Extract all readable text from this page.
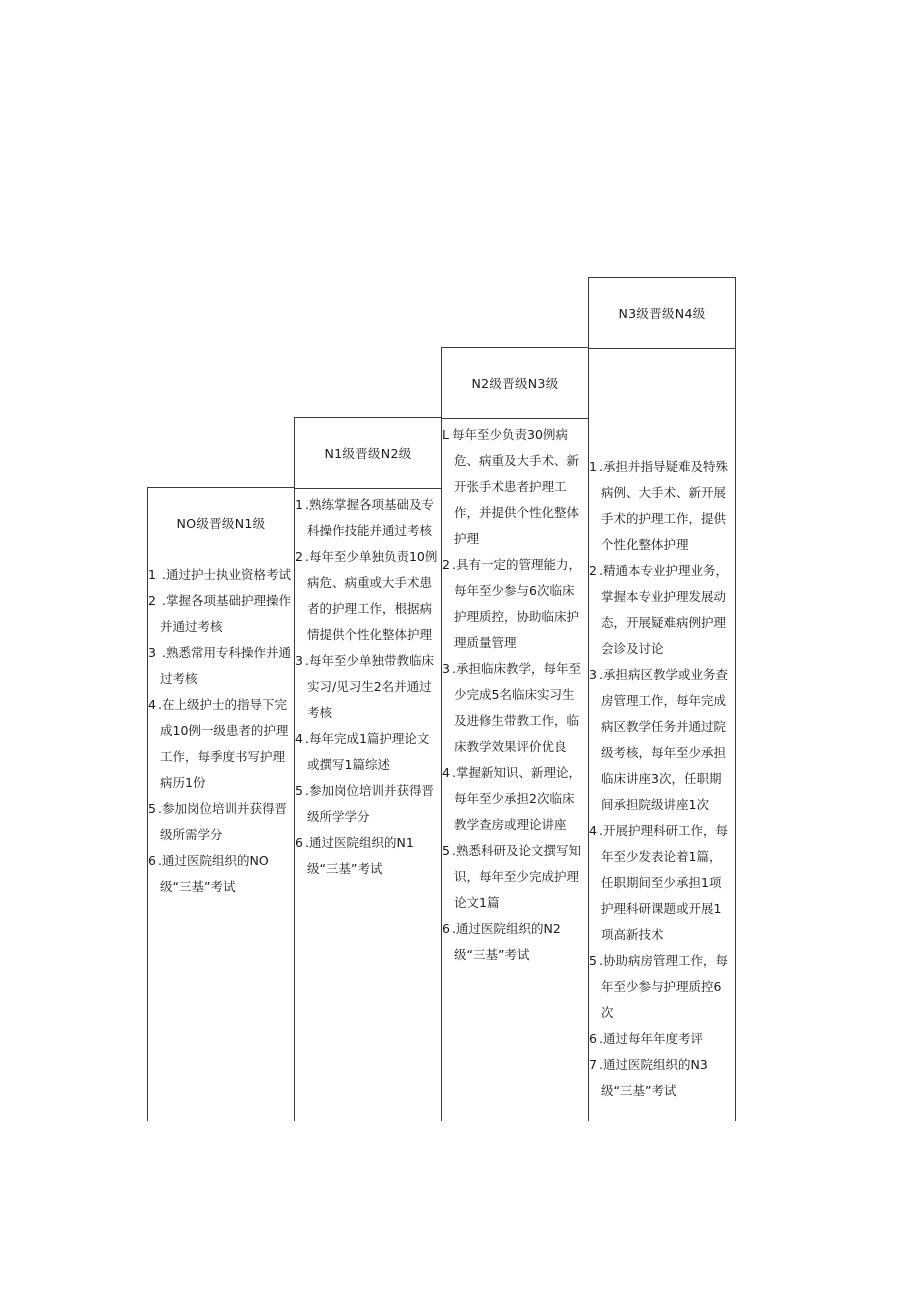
NO级晋级N1级
1 .通过护士执业资格考试
2 .掌握各项基础护理操作并通过考核
3 .熟悉常用专科操作并通过考核
4 .在上级护士的指导下完成10例一级患者的护理工作，每季度书写护理病历1份
5 .参加岗位培训并获得晋级所需学分
6 .通过医院组织的NO级“三基”考试
N1级晋级N2级
1 .熟练掌握各项基础及专科操作技能并通过考核
2 .每年至少单独负责10例病危、病重或大手术患者的护理工作，根据病情提供个性化整体护理
3 .每年至少单独带教临床实习/见习生2名并通过考核
4 .每年完成1篇护理论文或撰写1篇综述
5 .参加岗位培训并获得晋级所学学分
6 .通过医院组织的N1级“三基”考试
N2级晋级N3级
L 每年至少负责30例病危、病重及大手术、新开张手术患者护理工作，并提供个性化整体护理
2 .具有一定的管理能力，每年至少参与6次临床护理质控，协助临床护理质量管理
3 .承担临床教学，每年至少完成5名临床实习生及进修生带教工作，临床教学效果评价优良
4 .掌握新知识、新理论，每年至少承担2次临床教学查房或理论讲座
5 .熟悉科研及论文撰写知识，每年至少完成护理论文1篇
6 .通过医院组织的N2级“三基”考试
N3级晋级N4级
1 .承担并指导疑难及特殊病例、大手术、新开展手术的护理工作，提供个性化整体护理
2 .精通本专业护理业务，掌握本专业护理发展动态，开展疑难病例护理会诊及讨论
3 .承担病区教学或业务查房管理工作，每年完成病区教学任务并通过院级考核，每年至少承担临床讲座3次，任职期间承担院级讲座1次
4 .开展护理科研工作，每年至少发表论着1篇，任职期间至少承担1项护理科研课题或开展1项高新技术
5 .协助病房管理工作，每年至少参与护理质控6次
6 .通过每年年度考评
7 .通过医院组织的N3级“三基”考试
